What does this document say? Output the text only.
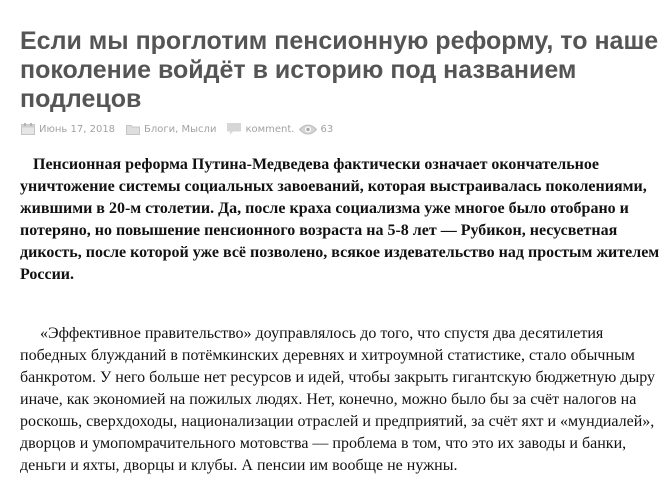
Если мы проглотим пенсионную реформу, то наше поколение войдёт в историю под названием подлецов
Июнь 17, 2018	Блоги, Мысли	комment.	63

Пенсионная реформа Путина-Медведева фактически означает окончательное уничтожение системы социальных завоеваний, которая выстраивалась поколениями, жившими в 20-м столетии. Да, после краха социализма уже многое было отобрано и потеряно, но повышение пенсионного возраста на 5-8 лет — Рубикон, несусветная дикость, после которой уже всё позволено, всякое издевательство над простым жителем России.

«Эффективное правительство» доуправлялось до того, что спустя два десятилетия победных блужданий в потёмкинских деревнях и хитроумной статистике, стало обычным банкротом. У него больше нет ресурсов и идей, чтобы закрыть гигантскую бюджетную дыру иначе, как экономией на пожилых людях. Нет, конечно, можно было бы за счёт налогов на роскошь, сверхдоходы, национализации отраслей и предприятий, за счёт яхт и «мундиалей», дворцов и умопомрачительного мотовства — проблема в том, что это их заводы и банки, деньги и яхты, дворцы и клубы. А пенсии им вообще не нужны.
